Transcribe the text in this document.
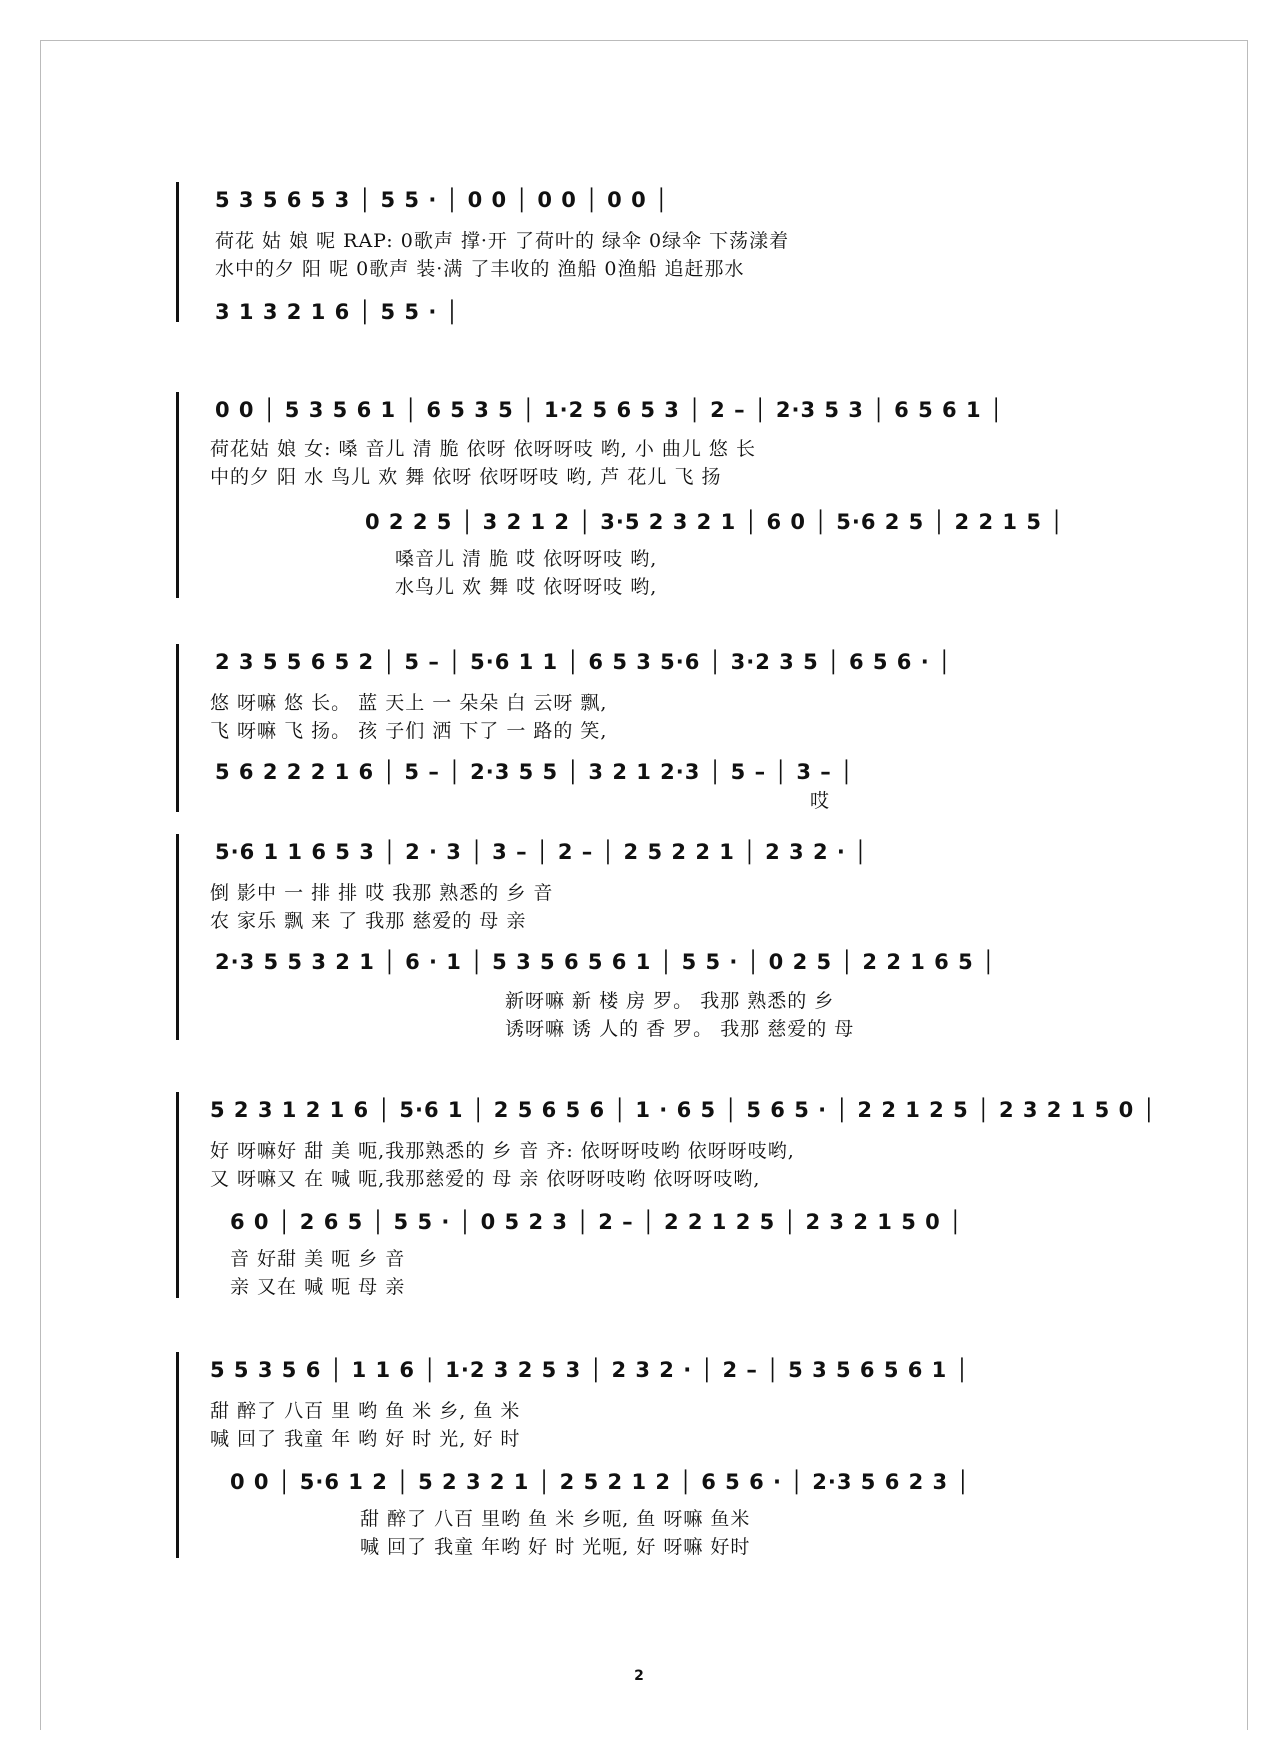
5 3 5 6 5 3 │ 5 5 · │ 0 0 │ 0 0 │ 0 0 │
荷花 姑 娘 呢 RAP: 0歌声 撑·开 了荷叶的 绿伞 0绿伞 下荡漾着
水中的夕 阳 呢 0歌声 装·满 了丰收的 渔船 0渔船 追赶那水
3 1 3 2 1 6 │ 5 5 · │
0 0 │ 5 3 5 6 1 │ 6 5 3 5 │ 1·2 5 6 5 3 │ 2 – │ 2·3 5 3 │ 6 5 6 1 │
荷花姑 娘 女: 嗓 音儿 清 脆 依呀 依呀呀吱 哟, 小 曲儿 悠 长
中的夕 阳 水 鸟儿 欢 舞 依呀 依呀呀吱 哟, 芦 花儿 飞 扬
0 2 2 5 │ 3 2 1 2 │ 3·5 2 3 2 1 │ 6 0 │ 5·6 2 5 │ 2 2 1 5 │
嗓音儿 清 脆 哎 依呀呀吱 哟,
水鸟儿 欢 舞 哎 依呀呀吱 哟,
2 3 5 5 6 5 2 │ 5 – │ 5·6 1 1 │ 6 5 3 5·6 │ 3·2 3 5 │ 6 5 6 · │
悠 呀嘛 悠 长。 蓝 天上 一 朵朵 白 云呀 飘,
飞 呀嘛 飞 扬。 孩 子们 洒 下了 一 路的 笑,
5 6 2 2 2 1 6 │ 5 – │ 2·3 5 5 │ 3 2 1 2·3 │ 5 – │ 3 – │
哎
5·6 1 1 6 5 3 │ 2 · 3 │ 3 – │ 2 – │ 2 5 2 2 1 │ 2 3 2 · │
倒 影中 一 排 排 哎 我那 熟悉的 乡 音
农 家乐 飘 来 了 我那 慈爱的 母 亲
2·3 5 5 3 2 1 │ 6 · 1 │ 5 3 5 6 5 6 1 │ 5 5 · │ 0 2 5 │ 2 2 1 6 5 │
新呀嘛 新 楼 房 罗。 我那 熟悉的 乡
诱呀嘛 诱 人的 香 罗。 我那 慈爱的 母
5 2 3 1 2 1 6 │ 5·6 1 │ 2 5 6 5 6 │ 1 · 6 5 │ 5 6 5 · │ 2 2 1 2 5 │ 2 3 2 1 5 0 │
好 呀嘛好 甜 美 呃,我那熟悉的 乡 音 齐: 依呀呀吱哟 依呀呀吱哟,
又 呀嘛又 在 喊 呃,我那慈爱的 母 亲 依呀呀吱哟 依呀呀吱哟,
6 0 │ 2 6 5 │ 5 5 · │ 0 5 2 3 │ 2 – │ 2 2 1 2 5 │ 2 3 2 1 5 0 │
音 好甜 美 呃 乡 音
亲 又在 喊 呃 母 亲
5 5 3 5 6 │ 1 1 6 │ 1·2 3 2 5 3 │ 2 3 2 · │ 2 – │ 5 3 5 6 5 6 1 │
甜 醉了 八百 里 哟 鱼 米 乡, 鱼 米
喊 回了 我童 年 哟 好 时 光, 好 时
0 0 │ 5·6 1 2 │ 5 2 3 2 1 │ 2 5 2 1 2 │ 6 5 6 · │ 2·3 5 6 2 3 │
甜 醉了 八百 里哟 鱼 米 乡呃, 鱼 呀嘛 鱼米
喊 回了 我童 年哟 好 时 光呃, 好 呀嘛 好时
2
